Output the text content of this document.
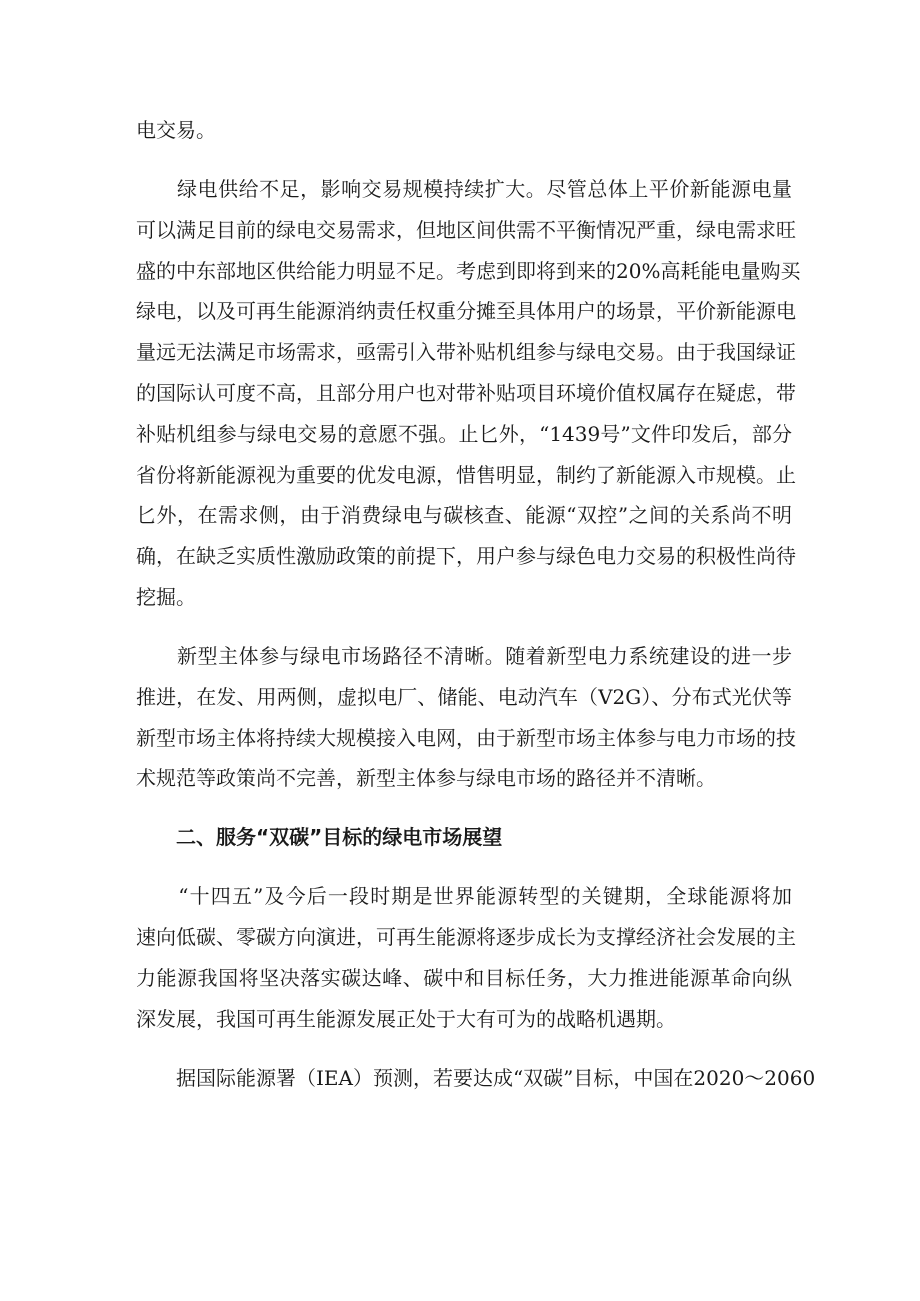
电交易。
　　绿电供给不足，影响交易规模持续扩大。尽管总体上平价新能源电量
可以满足目前的绿电交易需求，但地区间供需不平衡情况严重，绿电需求旺
盛的中东部地区供给能力明显不足。考虑到即将到来的20%高耗能电量购买
绿电，以及可再生能源消纳责任权重分摊至具体用户的场景，平价新能源电
量远无法满足市场需求，亟需引入带补贴机组参与绿电交易。由于我国绿证
的国际认可度不高，且部分用户也对带补贴项目环境价值权属存在疑虑，带
补贴机组参与绿电交易的意愿不强。止匕外，“1439号”文件印发后，部分
省份将新能源视为重要的优发电源，惜售明显，制约了新能源入市规模。止
匕外，在需求侧，由于消费绿电与碳核查、能源“双控”之间的关系尚不明
确，在缺乏实质性激励政策的前提下，用户参与绿色电力交易的积极性尚待
挖掘。
　　新型主体参与绿电市场路径不清晰。随着新型电力系统建设的进一步
推进，在发、用两侧，虚拟电厂、储能、电动汽车（V2G）、分布式光伏等
新型市场主体将持续大规模接入电网，由于新型市场主体参与电力市场的技
术规范等政策尚不完善，新型主体参与绿电市场的路径并不清晰。
　　二、服务“双碳”目标的绿电市场展望
　　“十四五”及今后一段时期是世界能源转型的关键期，全球能源将加
速向低碳、零碳方向演进，可再生能源将逐步成长为支撑经济社会发展的主
力能源我国将坚决落实碳达峰、碳中和目标任务，大力推进能源革命向纵
深发展，我国可再生能源发展正处于大有可为的战略机遇期。
　　据国际能源署（IEA）预测，若要达成“双碳”目标，中国在2020〜2060
